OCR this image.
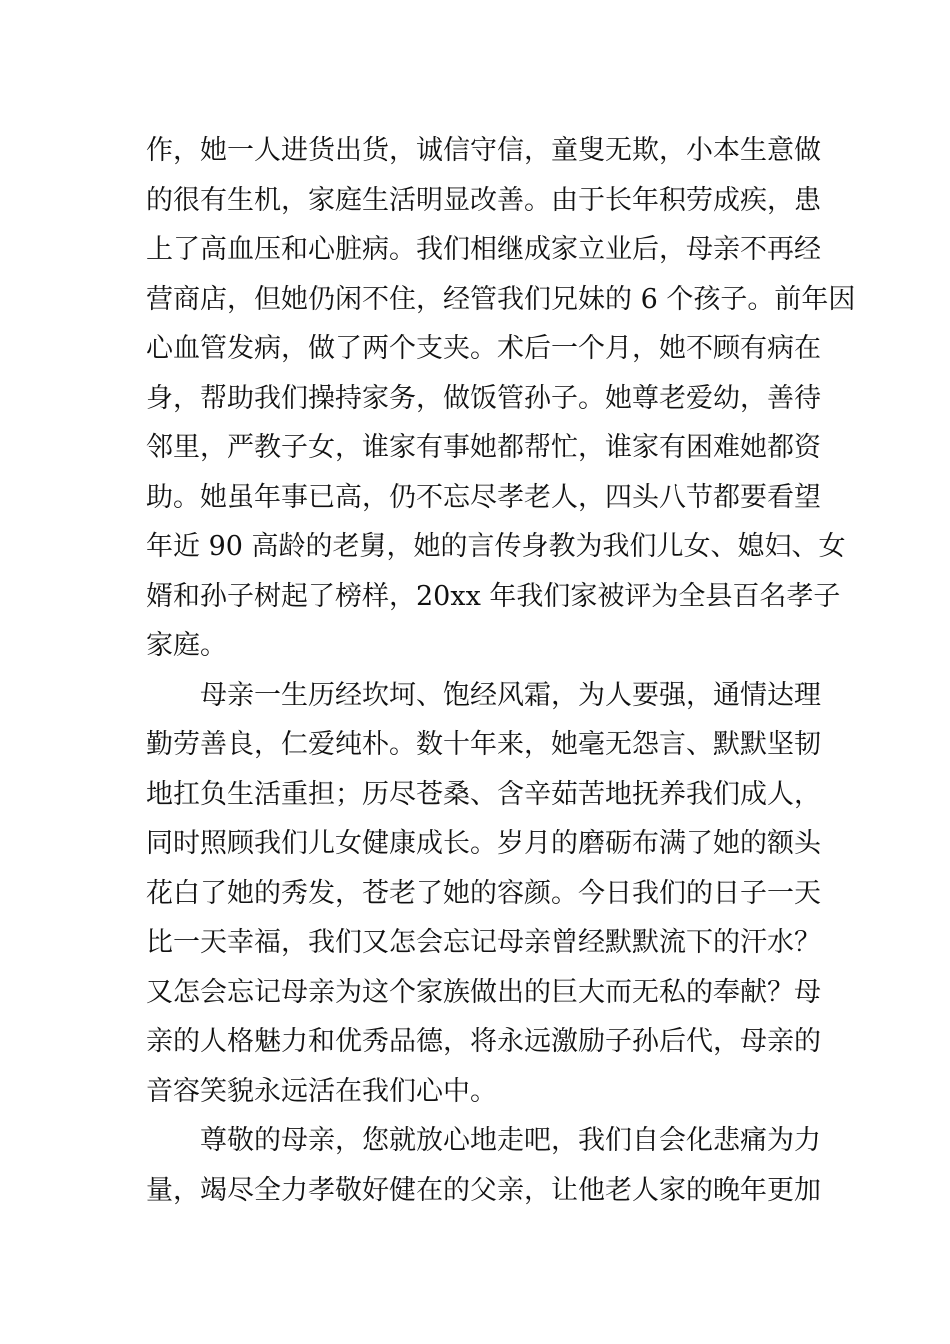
作，她一人进货出货，诚信守信，童叟无欺，小本生意做
的很有生机，家庭生活明显改善。由于长年积劳成疾，患
上了高血压和心脏病。我们相继成家立业后，母亲不再经
营商店，但她仍闲不住，经管我们兄妹的 6 个孩子。前年因
心血管发病，做了两个支夹。术后一个月，她不顾有病在
身，帮助我们操持家务，做饭管孙子。她尊老爱幼，善待
邻里，严教子女，谁家有事她都帮忙，谁家有困难她都资
助。她虽年事已高，仍不忘尽孝老人，四头八节都要看望
年近 90 高龄的老舅，她的言传身教为我们儿女、媳妇、女
婿和孙子树起了榜样，20xx 年我们家被评为全县百名孝子
家庭。
母亲一生历经坎坷、饱经风霜，为人要强，通情达理
勤劳善良，仁爱纯朴。数十年来，她毫无怨言、默默坚韧
地扛负生活重担；历尽苍桑、含辛茹苦地抚养我们成人，
同时照顾我们儿女健康成长。岁月的磨砺布满了她的额头
花白了她的秀发，苍老了她的容颜。今日我们的日子一天
比一天幸福，我们又怎会忘记母亲曾经默默流下的汗水？
又怎会忘记母亲为这个家族做出的巨大而无私的奉献？母
亲的人格魅力和优秀品德，将永远激励子孙后代，母亲的
音容笑貌永远活在我们心中。
尊敬的母亲，您就放心地走吧，我们自会化悲痛为力
量，竭尽全力孝敬好健在的父亲，让他老人家的晚年更加
